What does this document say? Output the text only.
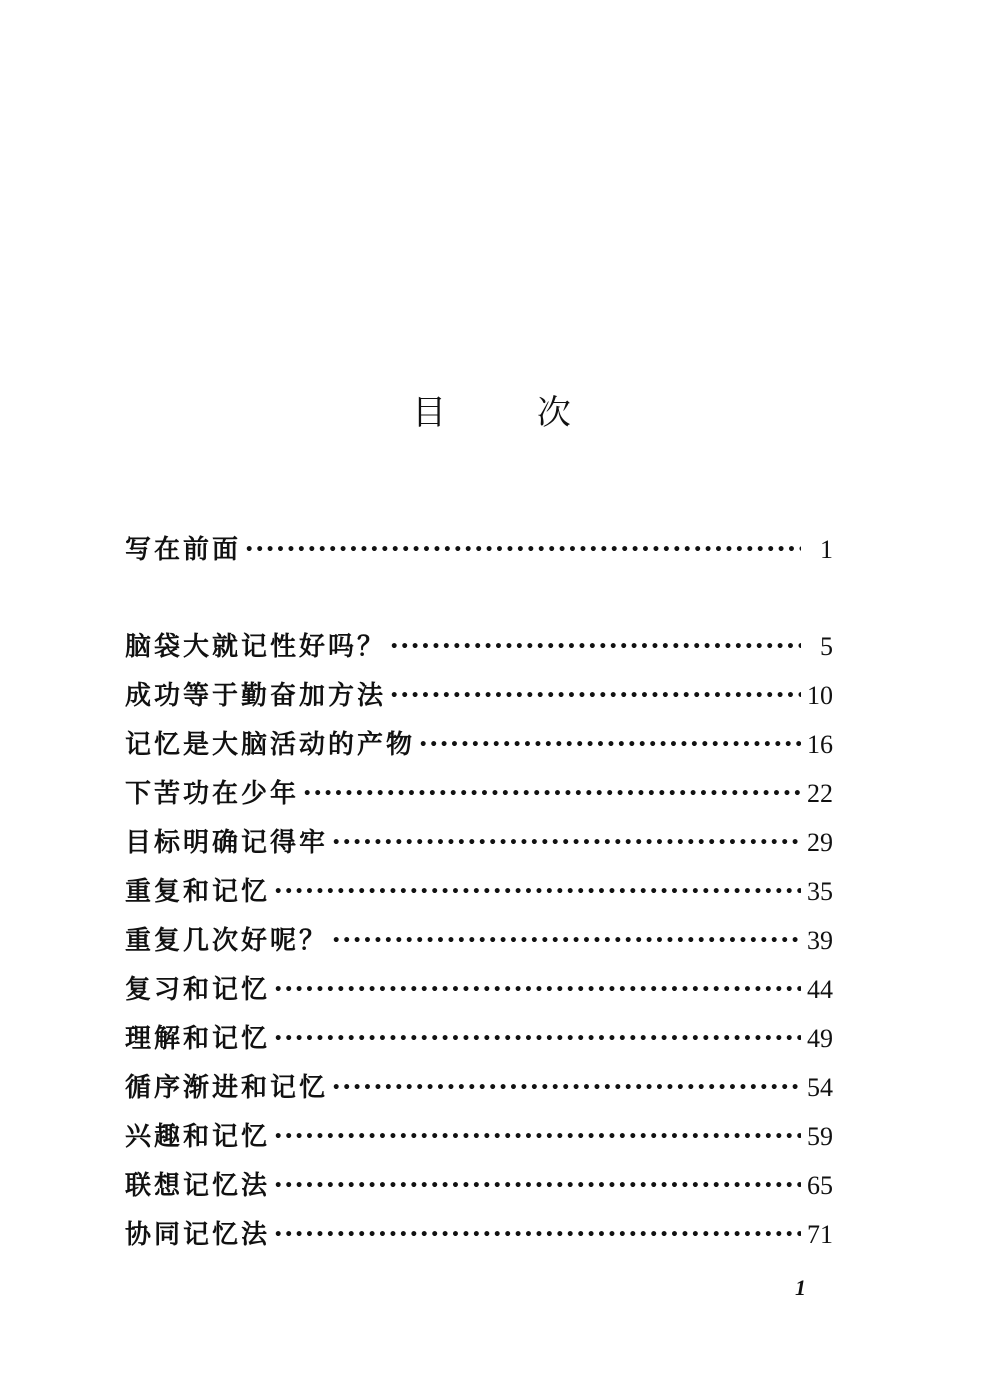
目	次
写在前面 •••••	1
脑袋大就记性好吗？ •••••	5
成功等于勤奋加方法 •••••	10
记忆是大脑活动的产物 •••••	16
下苦功在少年 •••••	22
目标明确记得牢 •••••	29
重复和记忆 •••••	35
重复几次好呢？ •••••	39
复习和记忆 •••••	44
理解和记忆 •••••	49
循序渐进和记忆 •••••	54
兴趣和记忆 •••••	59
联想记忆法 •••••	65
协同记忆法 •••••	71
1
